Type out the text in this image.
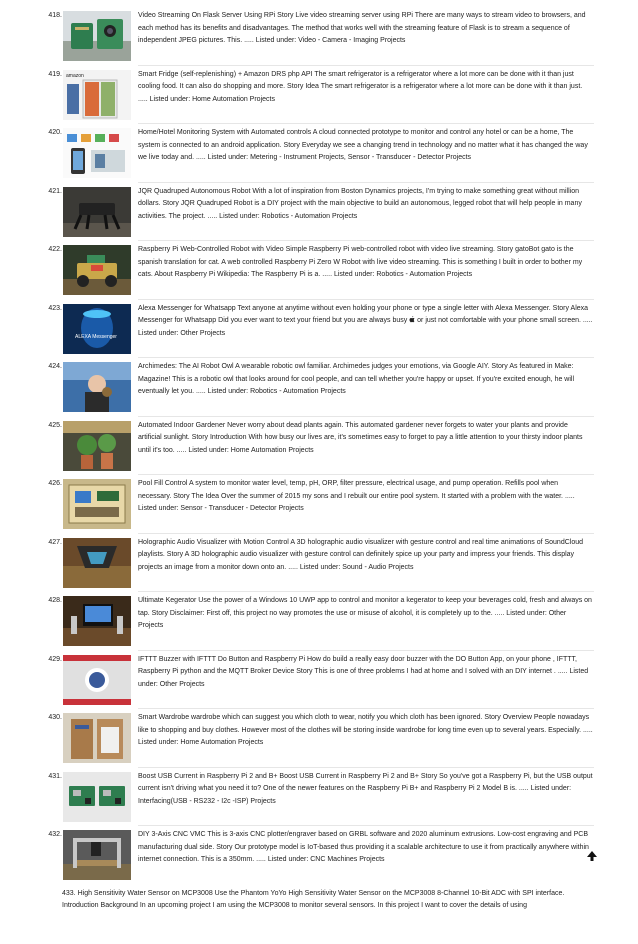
418.	Video Streaming On Flask Server Using RPi Story Live video streaming server using RPi There are many ways to stream video to browsers, and each method has its benefits and disadvantages. The method that works well with the streaming feature of Flask is to stream a sequence of independent JPEG pictures. This. ..... Listed under: Video - Camera - Imaging Projects
419. amazon	Smart Fridge (self-replenishing) + Amazon DRS php API The smart refrigerator is a refrigerator where a lot more can be done with it than just cooling food. It can also do shopping and more. Story Idea The smart refrigerator is a refrigerator where a lot more can be done with it than just. ..... Listed under: Home Automation Projects
420.	Home/Hotel Monitoring System with Automated controls A cloud connected prototype to monitor and control any hotel or can be a home, The system is connected to an android application. Story Everyday we see a changing trend in technology and no matter what it has changed the way we live today and. ..... Listed under: Metering - Instrument Projects, Sensor - Transducer - Detector Projects
421.	JQR Quadruped Autonomous Robot With a lot of inspiration from Boston Dynamics projects, I'm trying to make something great without million dollars. Story JQR Quadruped Robot is a DIY project with the main objective to build an autonomous, legged robot that will help people in many activities. The project. ..... Listed under: Robotics - Automation Projects
422.	Raspberry Pi Web-Controlled Robot with Video Simple Raspberry Pi web-controlled robot with video live streaming. Story gatoBot gato is the spanish translation for cat. A web controlled Raspberry Pi Zero W Robot with live video streaming. This is something I built in order to bother my cats. About Raspberry Pi Wikipedia: The Raspberry Pi is a. ..... Listed under: Robotics - Automation Projects
423.
ALEXA Messenger
Alexa Messenger for Whatsapp Text anyone at anytime without even holding your phone or type a single letter with Alexa Messenger. Story Alexa Messenger for Whatsapp Did you ever want to text your friend but you are always busy or just not comfortable with your phone small screen. ..... Listed under: Other Projects
424.	Archimedes: The AI Robot Owl A wearable robotic owl familiar. Archimedes judges your emotions, via Google AIY. Story As featured in Make: Magazine! This is a robotic owl that looks around for cool people, and can tell whether you're happy or upset. If you're excited enough, he will eventually let you. ..... Listed under: Robotics - Automation Projects
425.	Automated Indoor Gardener Never worry about dead plants again. This automated gardener never forgets to water your plants and provide artificial sunlight. Story Introduction With how busy our lives are, it's sometimes easy to forget to pay a little attention to your thirsty indoor plants until it's too. ..... Listed under: Home Automation Projects
426.	Pool Fill Control A system to monitor water level, temp, pH, ORP, filter pressure, electrical usage, and pump operation. Refills pool when necessary. Story The Idea Over the summer of 2015 my sons and I rebuilt our entire pool system. It started with a problem with the water. ..... Listed under: Sensor - Transducer - Detector Projects
427.	Holographic Audio Visualizer with Motion Control A 3D holographic audio visualizer with gesture control and real time animations of SoundCloud playlists. Story A 3D holographic audio visualizer with gesture control can definitely spice up your party and impress your friends. This display projects an image from a monitor down onto an. ..... Listed under: Sound - Audio Projects
428.	Ultimate Kegerator Use the power of a Windows 10 UWP app to control and monitor a kegerator to keep your beverages cold, fresh and always on tap. Story Disclaimer: First off, this project no way promotes the use or misuse of alcohol, it is completely up to the. ..... Listed under: Other Projects
429.	IFTTT Buzzer with IFTTT Do Button and Raspberry Pi How do build a really easy door buzzer with the DO Button App, on your phone , IFTTT, Raspberry Pi python and the MQTT Broker Device Story This is one of three problems I had at home and I solved with an DIY internet . ..... Listed under: Other Projects
430.	Smart Wardrobe wardrobe which can suggest you which cloth to wear, notify you which cloth has been ignored. Story Overview People nowadays like to shopping and buy clothes. However most of the clothes will be storing inside wardrobe for long time even up to several years. Especially. ..... Listed under: Home Automation Projects
431.	Boost USB Current in Raspberry Pi 2 and B+ Boost USB Current in Raspberry Pi 2 and B+ Story So you've got a Raspberry Pi, but the USB output current isn't driving what you need it to? One of the newer features on the Raspberry Pi B+ and Raspberry Pi 2 Model B is. ..... Listed under: Interfacing(USB - RS232 - I2c -ISP) Projects
432.	DIY 3-Axis CNC VMC This is 3-axis CNC plotter/engraver based on GRBL software and 2020 aluminum extrusions. Low-cost engraving and PCB manufacturing dual side. Story Our prototype model is IoT-based thus providing it a scalable architecture to use it from practically anywhere within internet connection. This is a 350mm. ..... Listed under: CNC Machines Projects
433. High Sensitivity Water Sensor on MCP3008 Use the Phantom YoYo High Sensitivity Water Sensor on the MCP3008 8-Channel 10-Bit ADC with SPI interface. Introduction Background In an upcoming project I am using the MCP3008 to monitor several sensors. In this project I want to cover the details of using
